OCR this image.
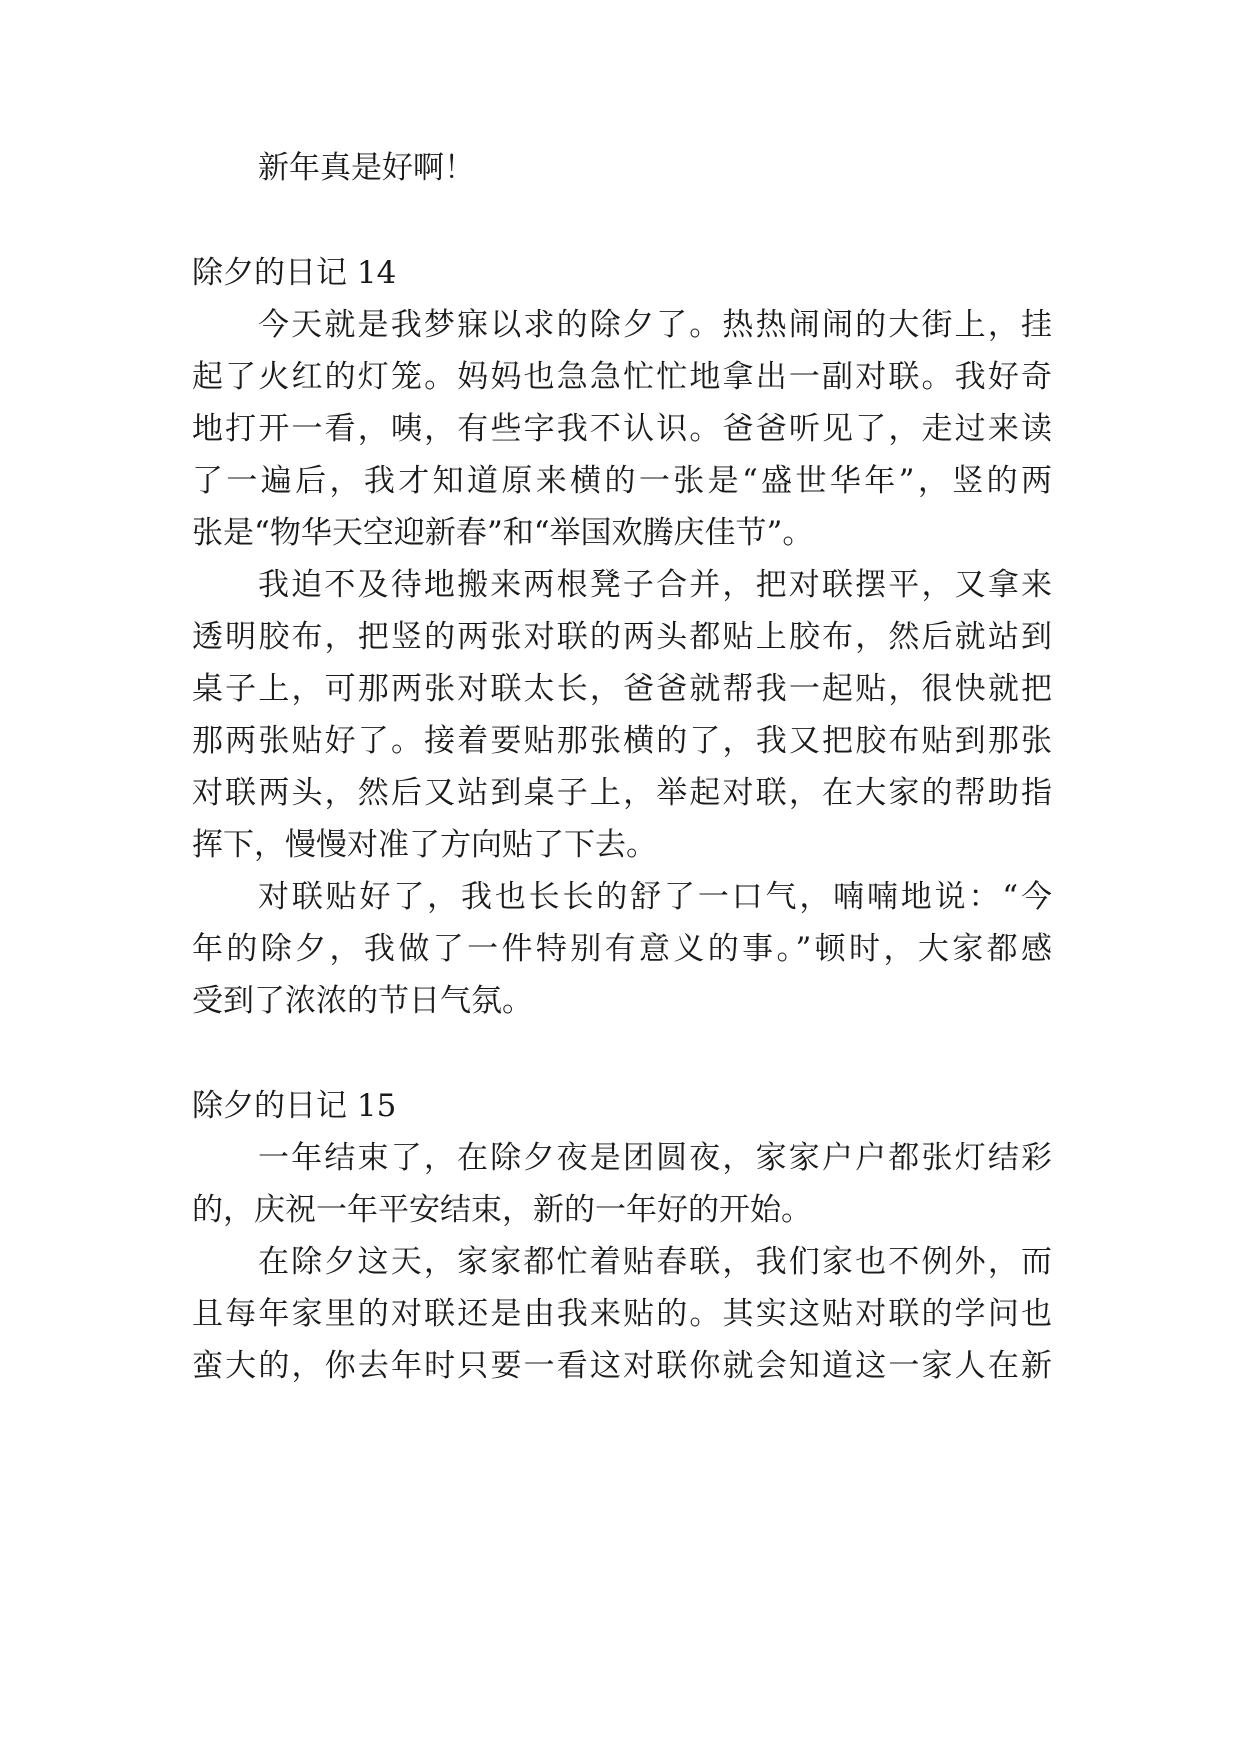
新年真是好啊！
除夕的日记 14
今天就是我梦寐以求的除夕了。热热闹闹的大街上，挂
起了火红的灯笼。妈妈也急急忙忙地拿出一副对联。我好奇
地打开一看，咦，有些字我不认识。爸爸听见了，走过来读
了一遍后，我才知道原来横的一张是“盛世华年”，竖的两
张是“物华天空迎新春”和“举国欢腾庆佳节”。
我迫不及待地搬来两根凳子合并，把对联摆平，又拿来
透明胶布，把竖的两张对联的两头都贴上胶布，然后就站到
桌子上，可那两张对联太长，爸爸就帮我一起贴，很快就把
那两张贴好了。接着要贴那张横的了，我又把胶布贴到那张
对联两头，然后又站到桌子上，举起对联，在大家的帮助指
挥下，慢慢对准了方向贴了下去。
对联贴好了，我也长长的舒了一口气，喃喃地说：“今
年的除夕，我做了一件特别有意义的事。”顿时，大家都感
受到了浓浓的节日气氛。
除夕的日记 15
一年结束了，在除夕夜是团圆夜，家家户户都张灯结彩
的，庆祝一年平安结束，新的一年好的开始。
在除夕这天，家家都忙着贴春联，我们家也不例外，而
且每年家里的对联还是由我来贴的。其实这贴对联的学问也
蛮大的，你去年时只要一看这对联你就会知道这一家人在新
